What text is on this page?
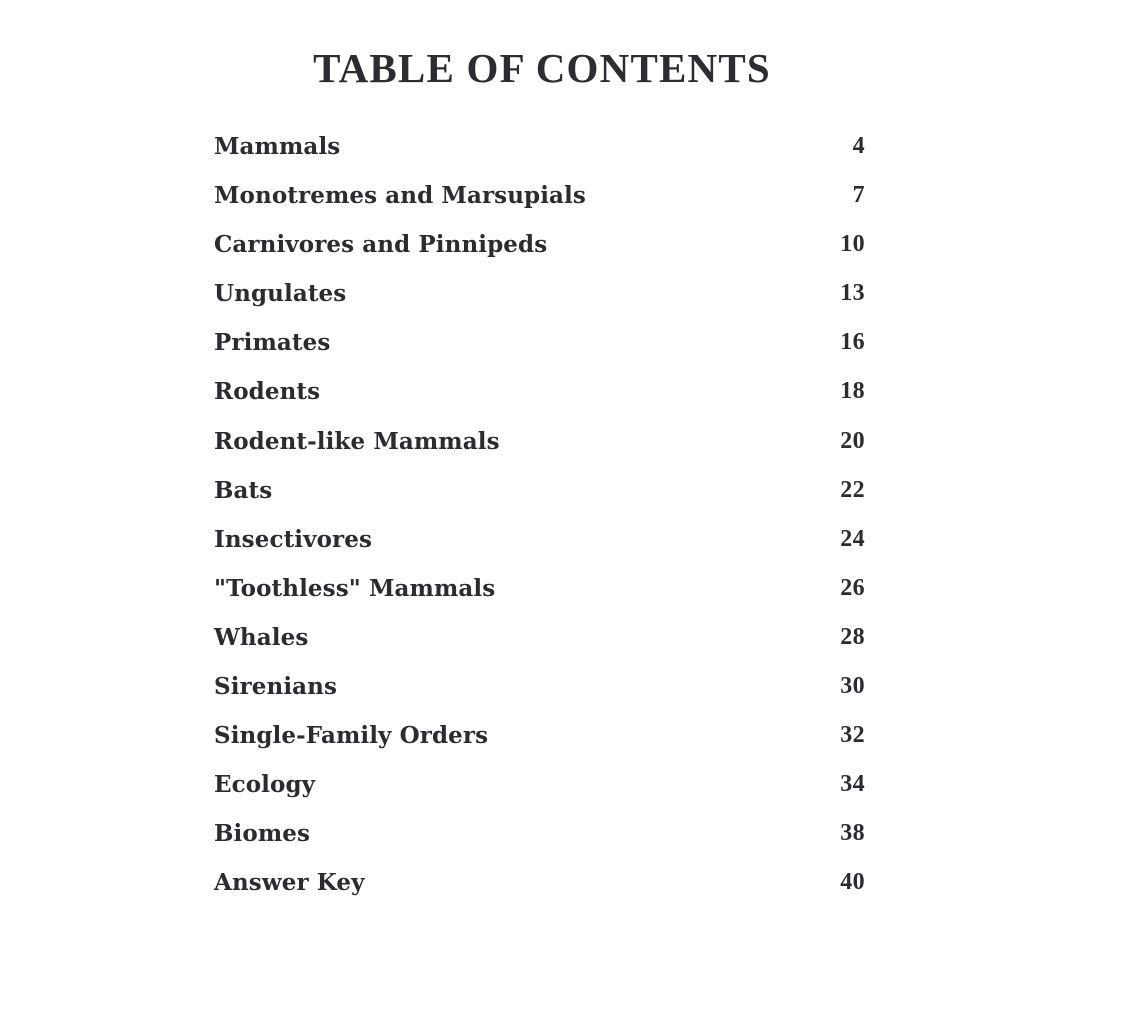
TABLE OF CONTENTS
Mammals	4
Monotremes and Marsupials	7
Carnivores and Pinnipeds	10
Ungulates	13
Primates	16
Rodents	18
Rodent-like Mammals	20
Bats	22
Insectivores	24
"Toothless" Mammals	26
Whales	28
Sirenians	30
Single-Family Orders	32
Ecology	34
Biomes	38
Answer Key	40
